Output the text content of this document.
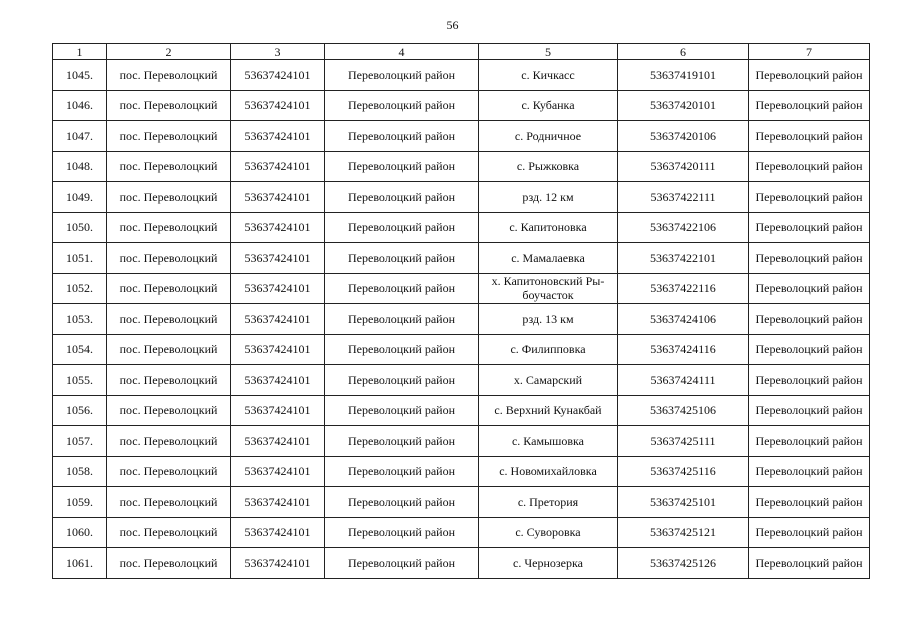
56
1	2	3	4	5	6	7
1045.	пос. Переволоцкий	53637424101	Переволоцкий район	с. Кичкасс	53637419101	Переволоцкий район
1046.	пос. Переволоцкий	53637424101	Переволоцкий район	с. Кубанка	53637420101	Переволоцкий район
1047.	пос. Переволоцкий	53637424101	Переволоцкий район	с. Родничное	53637420106	Переволоцкий район
1048.	пос. Переволоцкий	53637424101	Переволоцкий район	с. Рыжковка	53637420111	Переволоцкий район
1049.	пос. Переволоцкий	53637424101	Переволоцкий район	рзд. 12 км	53637422111	Переволоцкий район
1050.	пос. Переволоцкий	53637424101	Переволоцкий район	с. Капитоновка	53637422106	Переволоцкий район
1051.	пос. Переволоцкий	53637424101	Переволоцкий район	с. Мамалаевка	53637422101	Переволоцкий район
1052.	пос. Переволоцкий	53637424101	Переволоцкий район	х. Капитоновский Ры-боучасток	53637422116	Переволоцкий район
1053.	пос. Переволоцкий	53637424101	Переволоцкий район	рзд. 13 км	53637424106	Переволоцкий район
1054.	пос. Переволоцкий	53637424101	Переволоцкий район	с. Филипповка	53637424116	Переволоцкий район
1055.	пос. Переволоцкий	53637424101	Переволоцкий район	х. Самарский	53637424111	Переволоцкий район
1056.	пос. Переволоцкий	53637424101	Переволоцкий район	с. Верхний Кунакбай	53637425106	Переволоцкий район
1057.	пос. Переволоцкий	53637424101	Переволоцкий район	с. Камышовка	53637425111	Переволоцкий район
1058.	пос. Переволоцкий	53637424101	Переволоцкий район	с. Новомихайловка	53637425116	Переволоцкий район
1059.	пос. Переволоцкий	53637424101	Переволоцкий район	с. Претория	53637425101	Переволоцкий район
1060.	пос. Переволоцкий	53637424101	Переволоцкий район	с. Суворовка	53637425121	Переволоцкий район
1061.	пос. Переволоцкий	53637424101	Переволоцкий район	с. Чернозерка	53637425126	Переволоцкий район
